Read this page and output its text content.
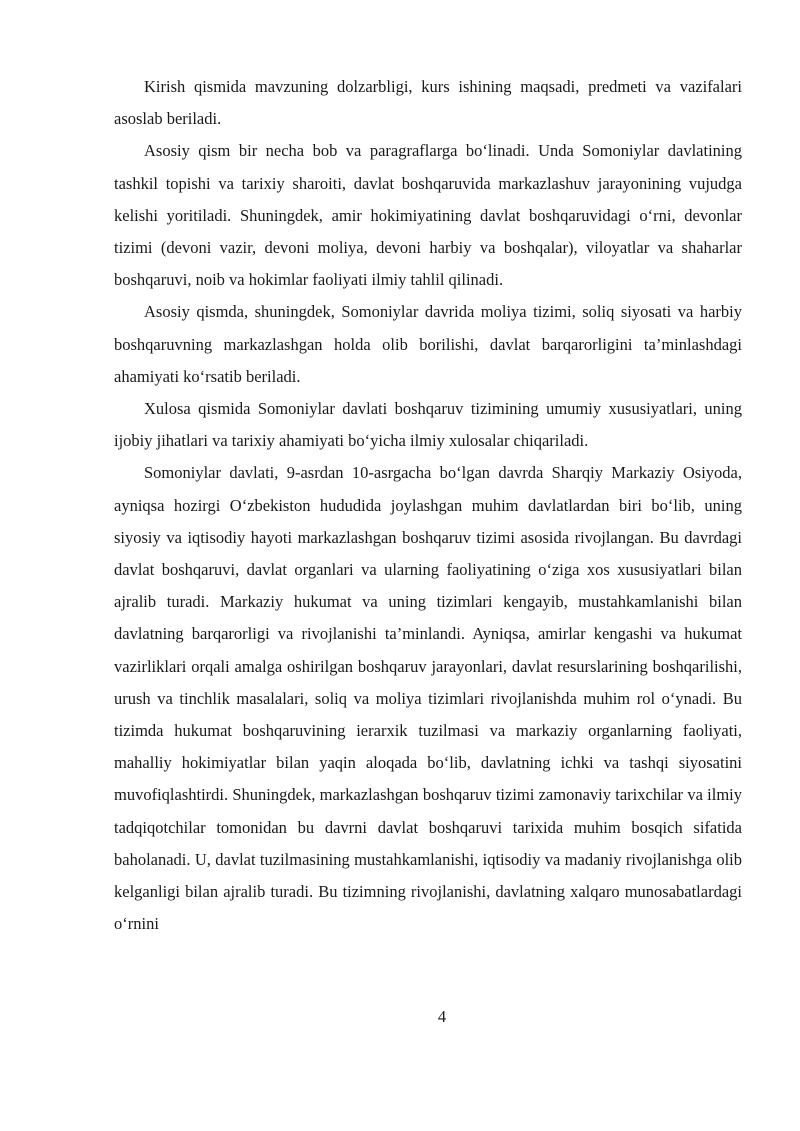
Kirish qismida mavzuning dolzarbligi, kurs ishining maqsadi, predmeti va vazifalari asoslab beriladi.

Asosiy qism bir necha bob va paragraflarga bo‘linadi. Unda Somoniylar davlatining tashkil topishi va tarixiy sharoiti, davlat boshqaruvida markazlashuv jarayonining vujudga kelishi yoritiladi. Shuningdek, amir hokimiyatining davlat boshqaruvidagi o‘rni, devonlar tizimi (devoni vazir, devoni moliya, devoni harbiy va boshqalar), viloyatlar va shaharlar boshqaruvi, noib va hokimlar faoliyati ilmiy tahlil qilinadi.

Asosiy qismda, shuningdek, Somoniylar davrida moliya tizimi, soliq siyosati va harbiy boshqaruvning markazlashgan holda olib borilishi, davlat barqarorligini ta’minlashdagi ahamiyati ko‘rsatib beriladi.

Xulosa qismida Somoniylar davlati boshqaruv tizimining umumiy xususiyatlari, uning ijobiy jihatlari va tarixiy ahamiyati bo‘yicha ilmiy xulosalar chiqariladi.

Somoniylar davlati, 9-asrdan 10-asrgacha bo‘lgan davrda Sharqiy Markaziy Osiyoda, ayniqsa hozirgi O‘zbekiston hududida joylashgan muhim davlatlardan biri bo‘lib, uning siyosiy va iqtisodiy hayoti markazlashgan boshqaruv tizimi asosida rivojlangan. Bu davrdagi davlat boshqaruvi, davlat organlari va ularning faoliyatining o‘ziga xos xususiyatlari bilan ajralib turadi. Markaziy hukumat va uning tizimlari kengayib, mustahkamlanishi bilan davlatning barqarorligi va rivojlanishi ta’minlandi. Ayniqsa, amirlar kengashi va hukumat vazirliklari orqali amalga oshirilgan boshqaruv jarayonlari, davlat resurslarining boshqarilishi, urush va tinchlik masalalari, soliq va moliya tizimlari rivojlanishda muhim rol o‘ynadi. Bu tizimda hukumat boshqaruvining ierarxik tuzilmasi va markaziy organlarning faoliyati, mahalliy hokimiyatlar bilan yaqin aloqada bo‘lib, davlatning ichki va tashqi siyosatini muvofiqlashtirdi. Shuningdek, markazlashgan boshqaruv tizimi zamonaviy tarixchilar va ilmiy tadqiqotchilar tomonidan bu davrni davlat boshqaruvi tarixida muhim bosqich sifatida baholanadi. U, davlat tuzilmasining mustahkamlanishi, iqtisodiy va madaniy rivojlanishga olib kelganligi bilan ajralib turadi. Bu tizimning rivojlanishi, davlatning xalqaro munosabatlardagi o‘rnini

4
